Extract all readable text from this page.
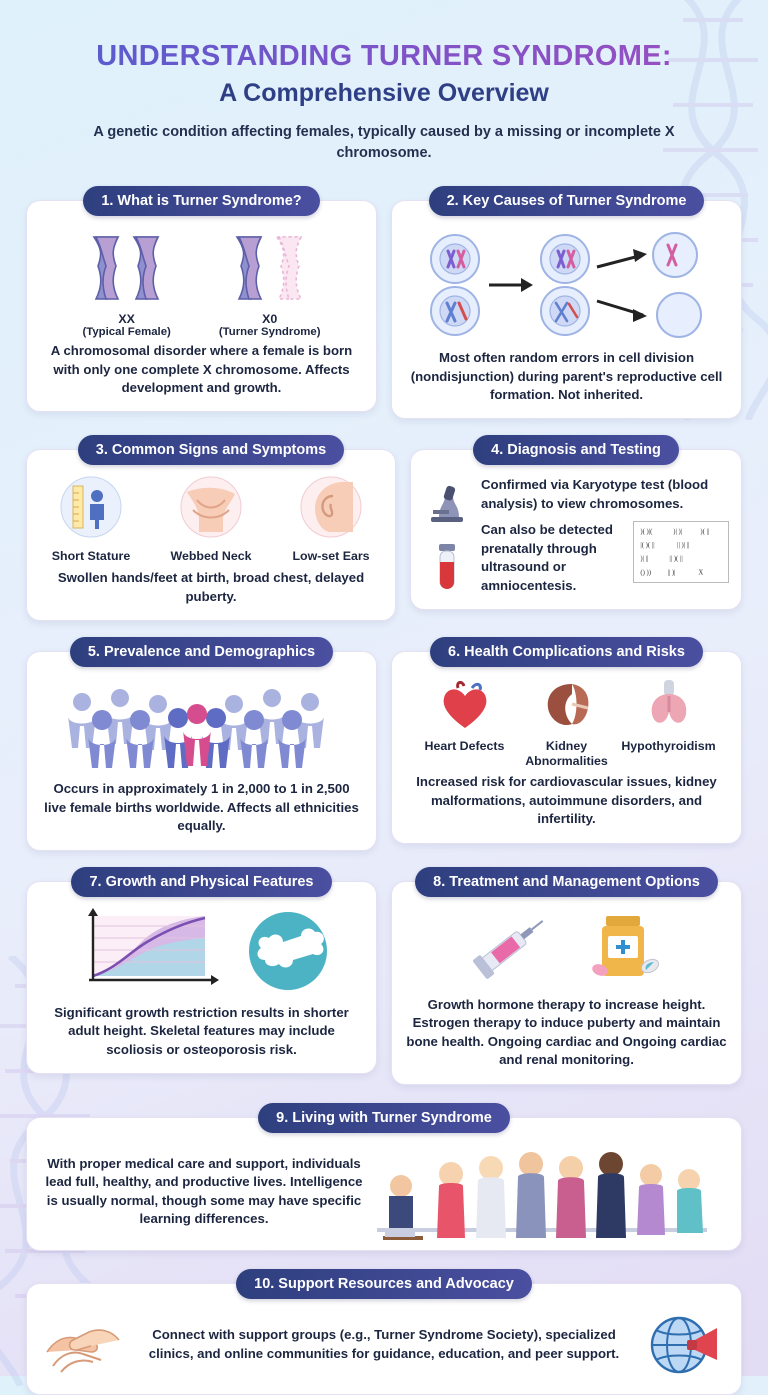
UNDERSTANDING TURNER SYNDROME:
A Comprehensive Overview

A genetic condition affecting females, typically caused by a missing or incomplete X chromosome.

1. What is Turner Syndrome?
XX
(Typical Female)
X0
(Turner Syndrome)

A chromosomal disorder where a female is born with only one complete X chromosome. Affects development and growth.

2. Key Causes of Turner Syndrome

Most often random errors in cell division (nondisjunction) during parent's reproductive cell formation. Not inherited.

3. Common Signs and Symptoms
Short Stature	Webbed Neck	Low-set Ears

Swollen hands/feet at birth, broad chest, delayed puberty.

4. Diagnosis and Testing

Confirmed via Karyotype test (blood analysis) to view chromosomes.

Can also be detected prenatally through ultrasound or amniocentesis.

)( )|(	)| )|	)( ||
|( )( ||	|| )| ||
)| ||	|| )( ||
() )) || )|	X
5. Prevalence and Demographics

Occurs in approximately 1 in 2,000 to 1 in 2,500 live female births worldwide. Affects all ethnicities equally.

6. Health Complications and Risks
Heart Defects	Kidney Abnormalities
Hypothyroidism

Increased risk for cardiovascular issues, kidney malformations, autoimmune disorders, and infertility.

7. Growth and Physical Features

Significant growth restriction results in shorter adult height. Skeletal features may include scoliosis or osteoporosis risk.

8. Treatment and Management Options

Growth hormone therapy to increase height. Estrogen therapy to induce puberty and maintain bone health. Ongoing cardiac and Ongoing cardiac and renal monitoring.

9. Living with Turner Syndrome

With proper medical care and support, individuals lead full, healthy, and productive lives. Intelligence is usually normal, though some may have specific learning differences.

10. Support Resources and Advocacy

Connect with support groups (e.g., Turner Syndrome Society), specialized clinics, and online communities for guidance, education, and peer support.
